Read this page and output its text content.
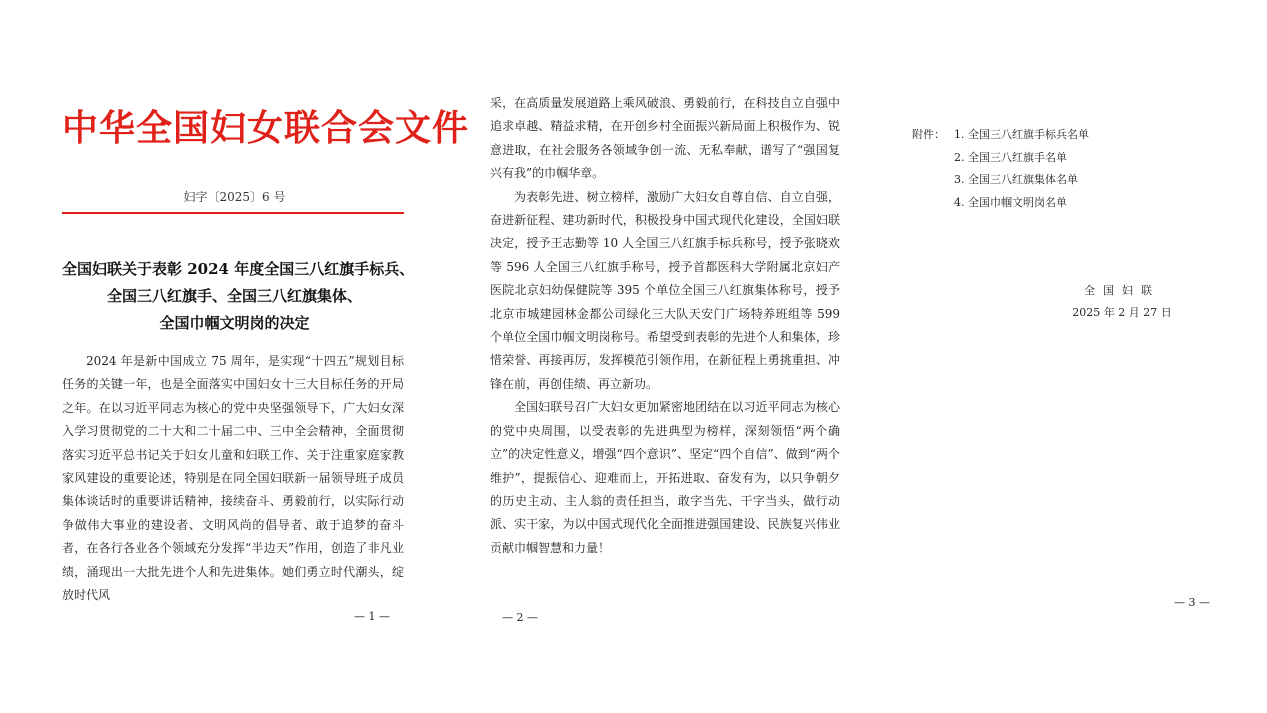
中华全国妇女联合会文件
妇字〔2025〕6 号
全国妇联关于表彰 2024 年度全国三八红旗手标兵、
全国三八红旗手、全国三八红旗集体、
全国巾帼文明岗的决定

2024 年是新中国成立 75 周年，是实现“十四五”规划目标任务的关键一年，也是全面落实中国妇女十三大目标任务的开局之年。在以习近平同志为核心的党中央坚强领导下，广大妇女深入学习贯彻党的二十大和二十届二中、三中全会精神，全面贯彻落实习近平总书记关于妇女儿童和妇联工作、关于注重家庭家教家风建设的重要论述，特别是在同全国妇联新一届领导班子成员集体谈话时的重要讲话精神，接续奋斗、勇毅前行，以实际行动争做伟大事业的建设者、文明风尚的倡导者、敢于追梦的奋斗者，在各行各业各个领域充分发挥“半边天”作用，创造了非凡业绩，涌现出一大批先进个人和先进集体。她们勇立时代潮头，绽放时代风

— 1 —

采，在高质量发展道路上乘风破浪、勇毅前行，在科技自立自强中追求卓越、精益求精，在开创乡村全面振兴新局面上积极作为、锐意进取，在社会服务各领域争创一流、无私奉献，谱写了“强国复兴有我”的巾帼华章。

为表彰先进、树立榜样，激励广大妇女自尊自信、自立自强，奋进新征程、建功新时代，积极投身中国式现代化建设，全国妇联决定，授予王志勤等 10 人全国三八红旗手标兵称号，授予张晓欢等 596 人全国三八红旗手称号，授予首都医科大学附属北京妇产医院北京妇幼保健院等 395 个单位全国三八红旗集体称号，授予北京市城建园林金都公司绿化三大队天安门广场特养班组等 599 个单位全国巾帼文明岗称号。希望受到表彰的先进个人和集体，珍惜荣誉、再接再厉，发挥模范引领作用，在新征程上勇挑重担、冲锋在前，再创佳绩、再立新功。

全国妇联号召广大妇女更加紧密地团结在以习近平同志为核心的党中央周围，以受表彰的先进典型为榜样，深刻领悟“两个确立”的决定性意义，增强“四个意识”、坚定“四个自信”、做到“两个维护”，提振信心、迎难而上，开拓进取、奋发有为，以只争朝夕的历史主动、主人翁的责任担当，敢字当先、干字当头，做行动派、实干家，为以中国式现代化全面推进强国建设、民族复兴伟业贡献巾帼智慧和力量！

— 2 —
附件： 1. 全国三八红旗手标兵名单
2. 全国三八红旗手名单
3. 全国三八红旗集体名单
4. 全国巾帼文明岗名单
全国妇联
2025 年 2 月 27 日
— 3 —
